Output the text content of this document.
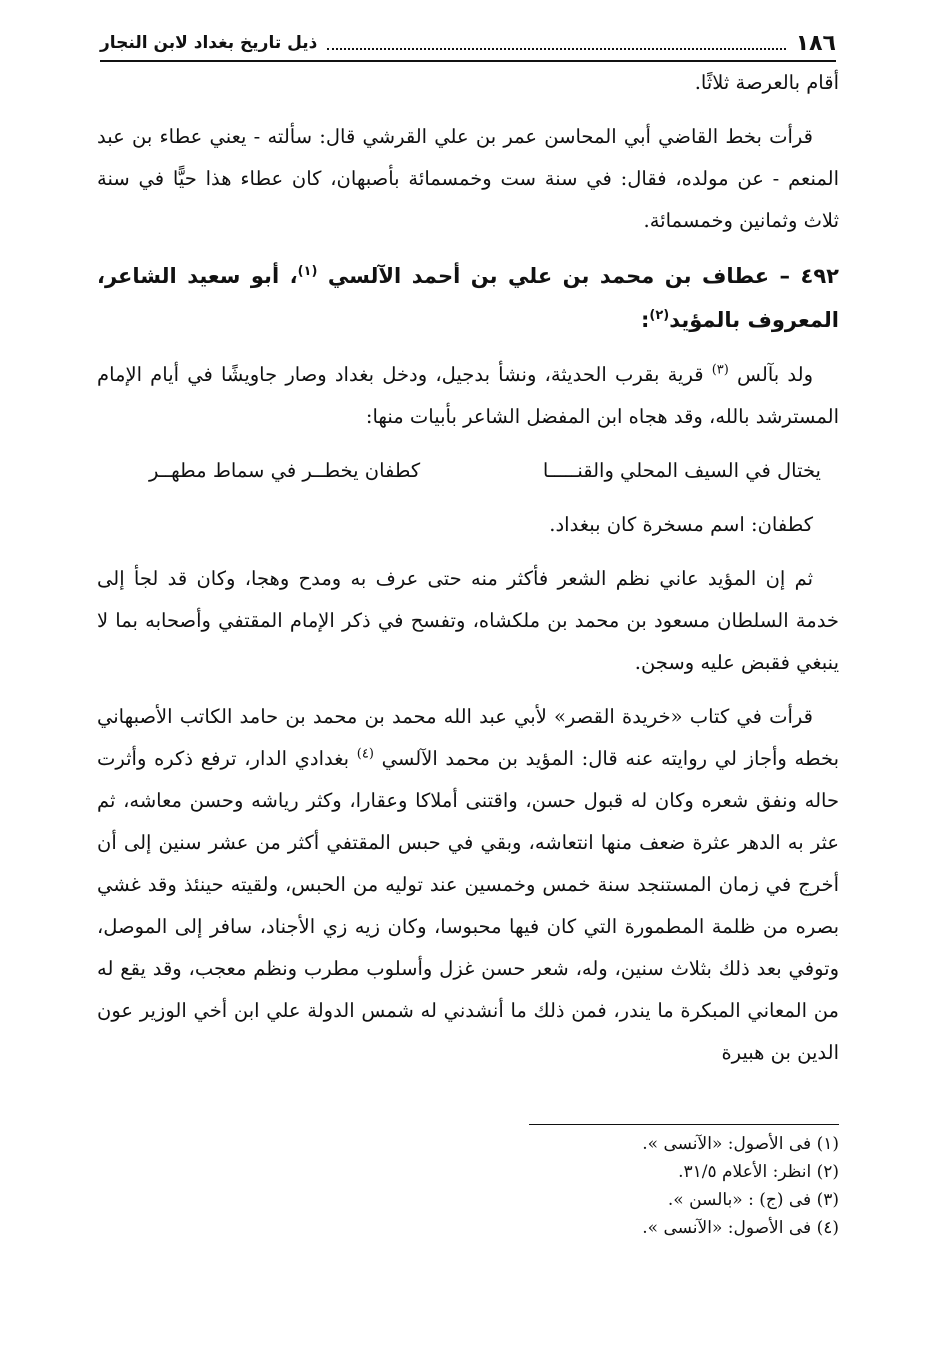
١٨٦
ذيل تاريخ بغداد لابن النجار

أقام بالعرصة ثلاثًا.

قرأت بخط القاضي أبي المحاسن عمر بن علي القرشي قال: سألته - يعني عطاء بن عبد المنعم - عن مولده، فقال: في سنة ست وخمسمائة بأصبهان، كان عطاء هذا حيًّا في سنة ثلاث وثمانين وخمسمائة.

٤٩٢ – عطاف بن محمد بن علي بن أحمد الآلسي $^{(١)}$، أبو سعيد الشاعر، المعروف بالمؤيد$^{(٢)}$:

ولد بآلس $^{(٣)}$ قرية بقرب الحديثة، ونشأ بدجيل، ودخل بغداد وصار جاويشًا في أيام الإمام المسترشد بالله، وقد هجاه ابن المفضل الشاعر بأبيات منها:

يختال في السيف المحلي والقنـــــا
كطفان يخطــر في سماط مطهــر

كطفان: اسم مسخرة كان ببغداد.

ثم إن المؤيد عاني نظم الشعر فأكثر منه حتى عرف به ومدح وهجا، وكان قد لجأ إلى خدمة السلطان مسعود بن محمد بن ملكشاه، وتفسح في ذكر الإمام المقتفي وأصحابه بما لا ينبغي فقبض عليه وسجن.

قرأت في كتاب «خريدة القصر» لأبي عبد الله محمد بن محمد بن حامد الكاتب الأصبهاني بخطه وأجاز لي روايته عنه قال: المؤيد بن محمد الآلسي $^{(٤)}$ بغدادي الدار، ترفع ذكره وأثرت حاله ونفق شعره وكان له قبول حسن، واقتنى أملاكا وعقارا، وكثر رياشه وحسن معاشه، ثم عثر به الدهر عثرة ضعف منها انتعاشه، وبقي في حبس المقتفي أكثر من عشر سنين إلى أن أخرج في زمان المستنجد سنة خمس وخمسين عند توليه من الحبس، ولقيته حينئذ وقد غشي بصره من ظلمة المطمورة التي كان فيها محبوسا، وكان زيه زي الأجناد، سافر إلى الموصل، وتوفي بعد ذلك بثلاث سنين، وله، شعر حسن غزل وأسلوب مطرب ونظم معجب، وقد يقع له من المعاني المبكرة ما يندر، فمن ذلك ما أنشدني له شمس الدولة علي ابن أخي الوزير عون الدين بن هبيرة

(١) فى الأصول: «الآنسى ».
(٢) انظر: الأعلام ٣١/٥.
(٣) فى (ج) : «بالسن ».
(٤) فى الأصول: «الآنسى ».
